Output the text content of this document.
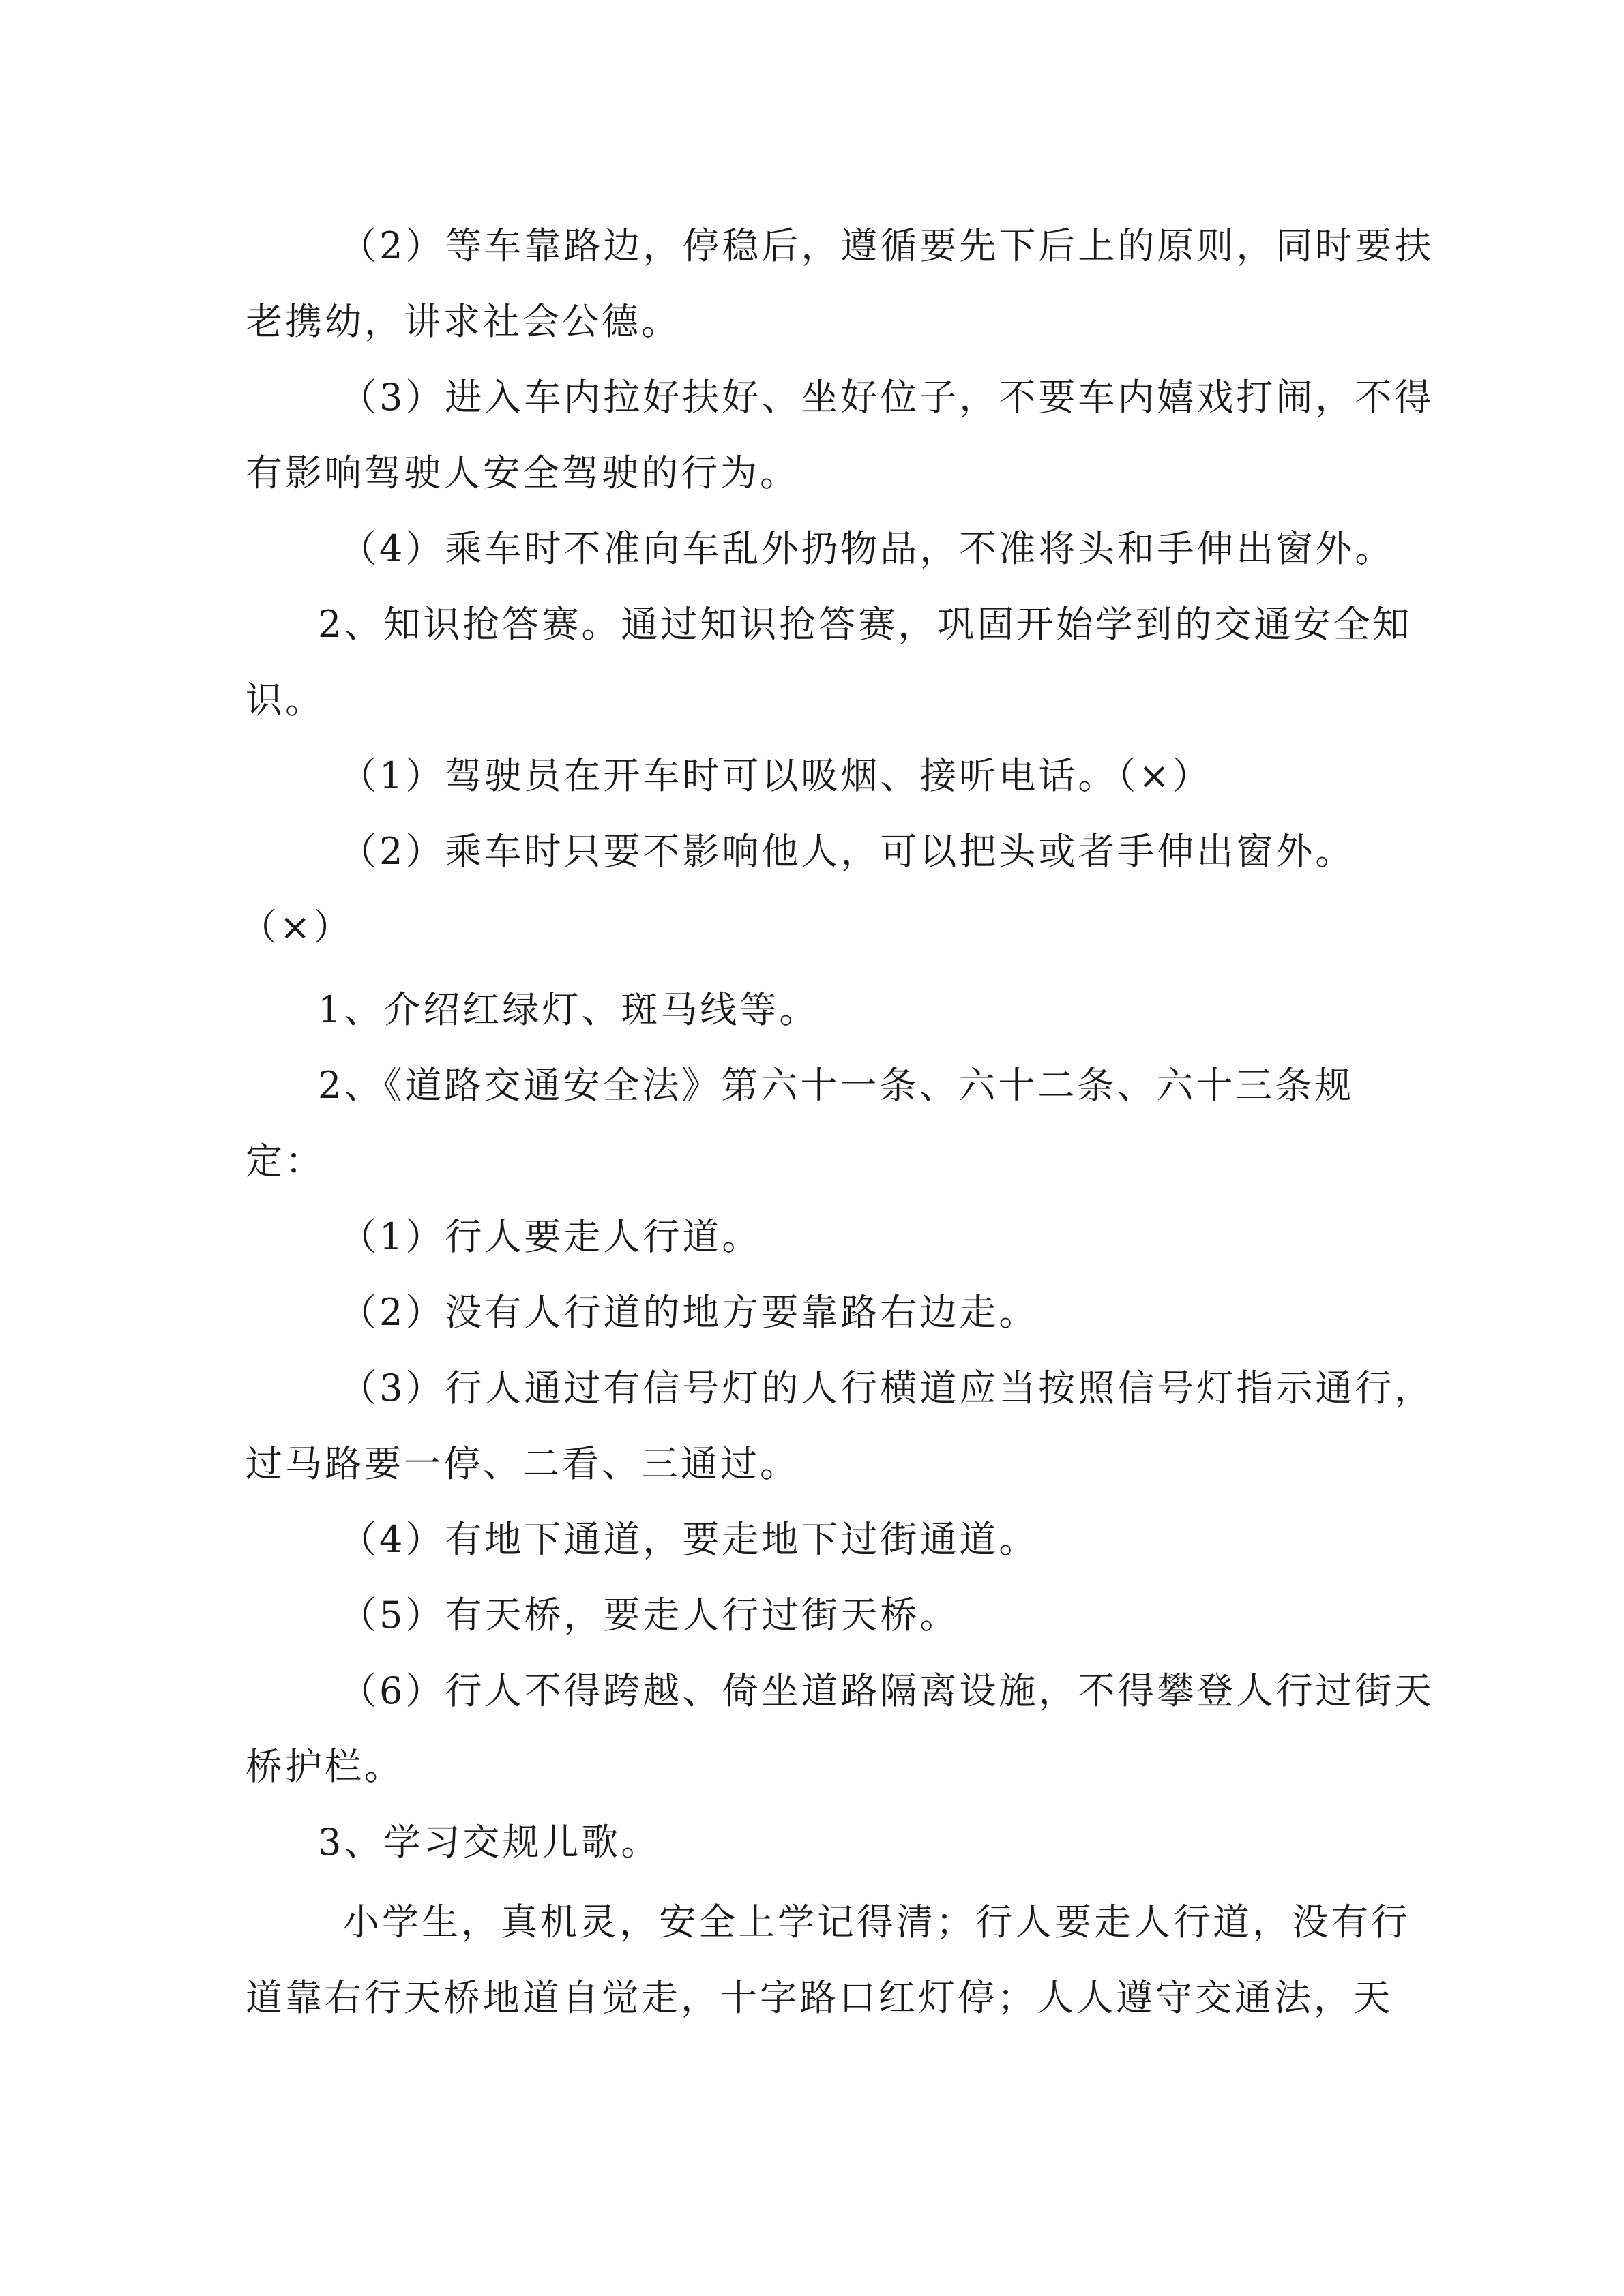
（2）等车靠路边，停稳后，遵循要先下后上的原则，同时要扶
老携幼，讲求社会公德。
（3）进入车内拉好扶好、坐好位子，不要车内嬉戏打闹，不得
有影响驾驶人安全驾驶的行为。
（4）乘车时不准向车乱外扔物品，不准将头和手伸出窗外。
2、知识抢答赛。通过知识抢答赛，巩固开始学到的交通安全知
识。
（1）驾驶员在开车时可以吸烟、接听电话。（×）
（2）乘车时只要不影响他人，可以把头或者手伸出窗外。
（×）
1、介绍红绿灯、斑马线等。
2、《道路交通安全法》第六十一条、六十二条、六十三条规
定：
（1）行人要走人行道。
（2）没有人行道的地方要靠路右边走。
（3）行人通过有信号灯的人行横道应当按照信号灯指示通行，
过马路要一停、二看、三通过。
（4）有地下通道，要走地下过街通道。
（5）有天桥，要走人行过街天桥。
（6）行人不得跨越、倚坐道路隔离设施，不得攀登人行过街天
桥护栏。
3、学习交规儿歌。
小学生，真机灵，安全上学记得清；行人要走人行道，没有行
道靠右行天桥地道自觉走，十字路口红灯停；人人遵守交通法，天
